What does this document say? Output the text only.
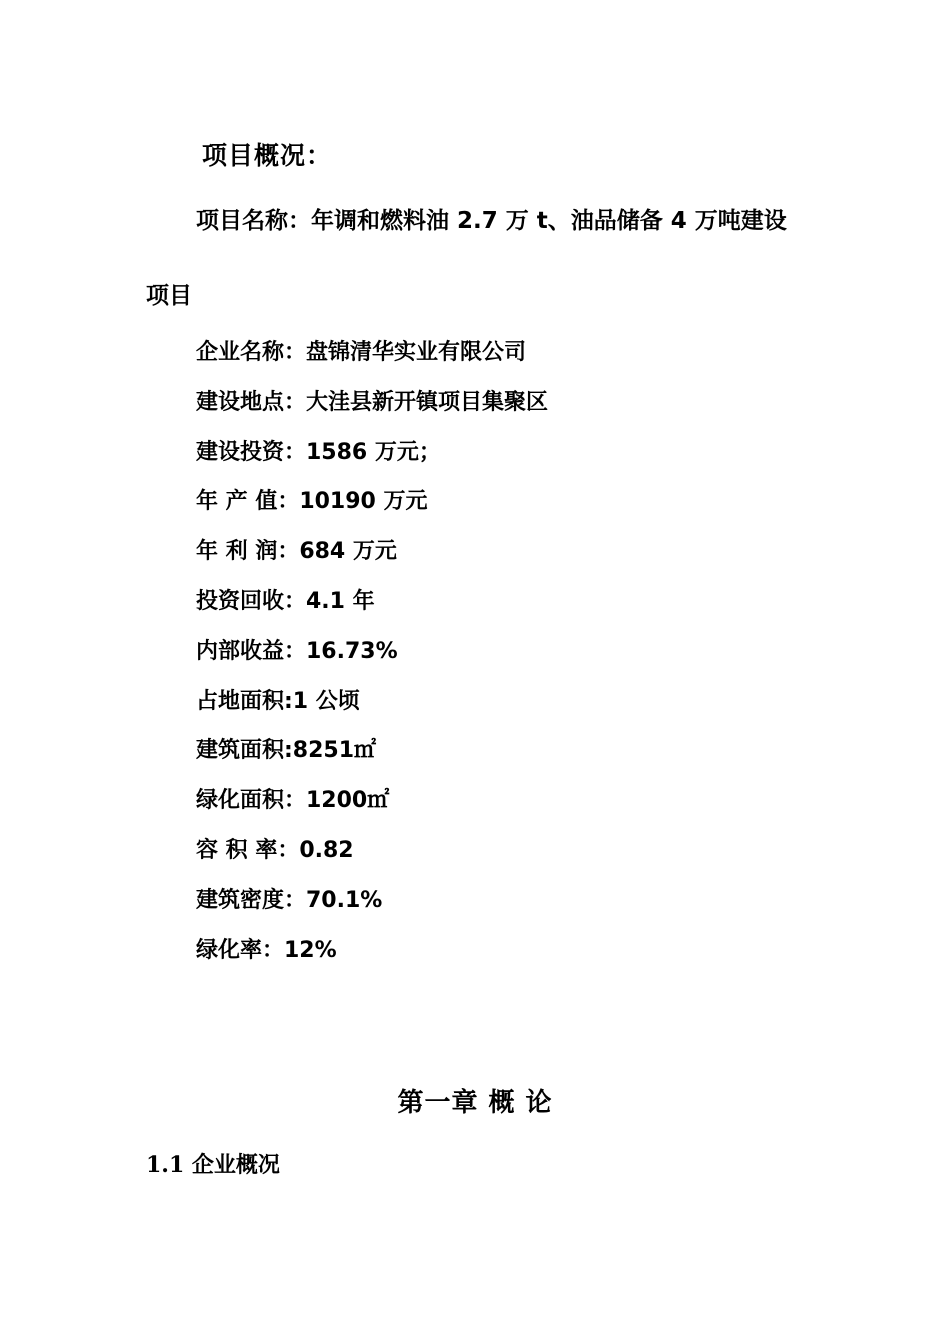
项目概况：
项目名称：年调和燃料油 2.7 万 t、油品储备 4 万吨建设
项目
企业名称：盘锦清华实业有限公司
建设地点：大洼县新开镇项目集聚区
建设投资：1586 万元；
年 产 值：10190 万元
年 利 润：684 万元
投资回收：4.1 年
内部收益：16.73%
占地面积:1 公顷
建筑面积:8251㎡
绿化面积：1200㎡
容 积 率：0.82
建筑密度：70.1%
绿化率：12%
第一章 概 论
1.1 企业概况
